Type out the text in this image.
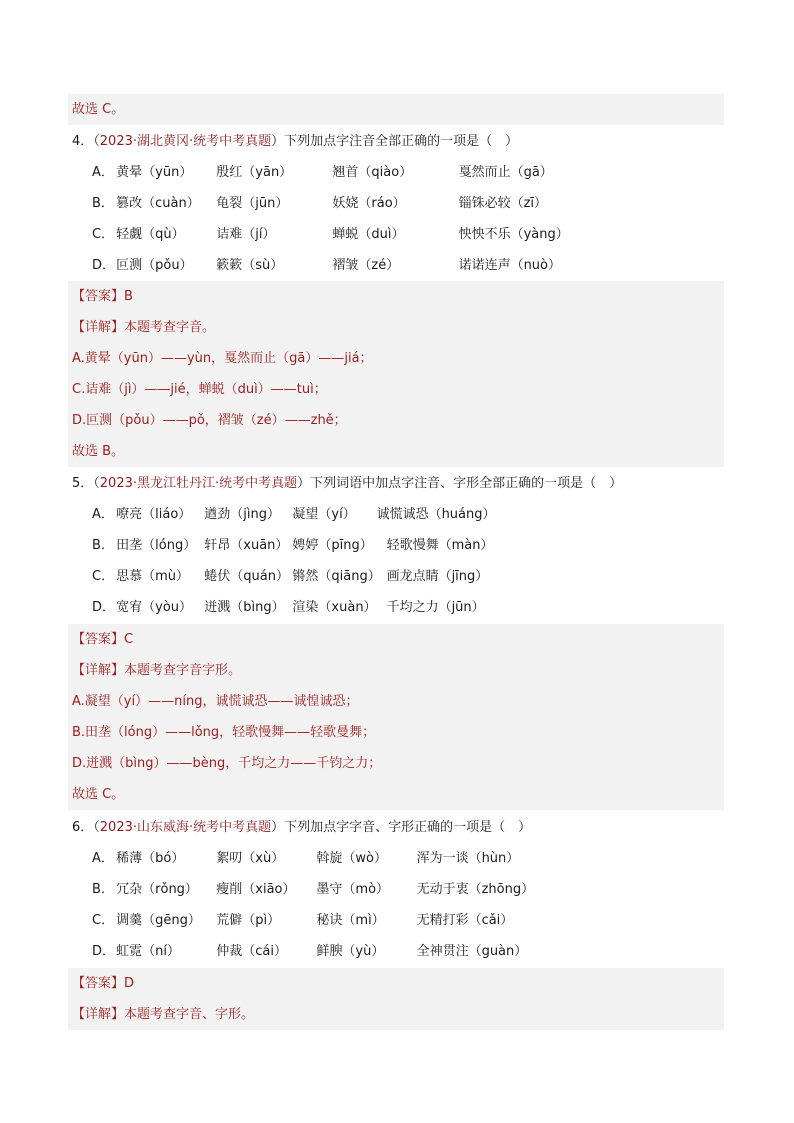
故选 C。
4．（2023·湖北黄冈·统考中考真题）下列加点字注音全部正确的一项是（　）
A． 黄晕（yūn） 殷红（yān）	翘首（qiào）	戛然而止（gā）
B． 篡改（cuàn） 龟裂（jūn）	妖娆（ráo）	锱铢必较（zī）
C． 轻觑（qù） 诘难（jí）	蝉蜕（duì）	怏怏不乐（yàng）
D． 叵测（pǒu） 簌簌（sù）	褶皱（zé）	诺诺连声（nuò）
【答案】B
【详解】本题考查字音。
A.黄晕（yūn）——yùn，戛然而止（gā）——jiá；
C.诘难（jì）——jié，蝉蜕（duì）——tuì；
D.叵测（pǒu）——pǒ，褶皱（zé）——zhě；
故选 B。
5．（2023·黑龙江牡丹江·统考中考真题）下列词语中加点字注音、字形全部正确的一项是（　）
A． 嘹亮（liáo） 遒劲（jìng） 凝望（yí） 诚慌诚恐（huáng）
B． 田垄（lóng） 轩昂（xuān） 娉婷（pīng） 轻歌慢舞（màn）
C． 思慕（mù） 蜷伏（quán） 锵然（qiāng） 画龙点睛（jīng）
D． 宽宥（yòu） 迸溅（bìng） 渲染（xuàn） 千均之力（jūn）
【答案】C
【详解】本题考查字音字形。
A.凝望（yí）——níng，诚慌诚恐——诚惶诚恐；
B.田垄（lóng）——lǒng，轻歌慢舞——轻歌曼舞；
D.迸溅（bìng）——bèng，千均之力——千钧之力；
故选 C。
6．（2023·山东威海·统考中考真题）下列加点字字音、字形正确的一项是（　）
A． 稀薄（bó） 絮叨（xù） 斡旋（wò） 浑为一谈（hùn）
B． 冗杂（rǒng） 瘦削（xiāo） 墨守（mò） 无动于衷（zhōng）
C． 调羹（gēng） 荒僻（pì）	秘诀（mì） 无精打彩（cǎi）
D． 虹霓（ní）	仲裁（cái） 鲜腴（yù） 全神贯注（guàn）
【答案】D
【详解】本题考查字音、字形。
